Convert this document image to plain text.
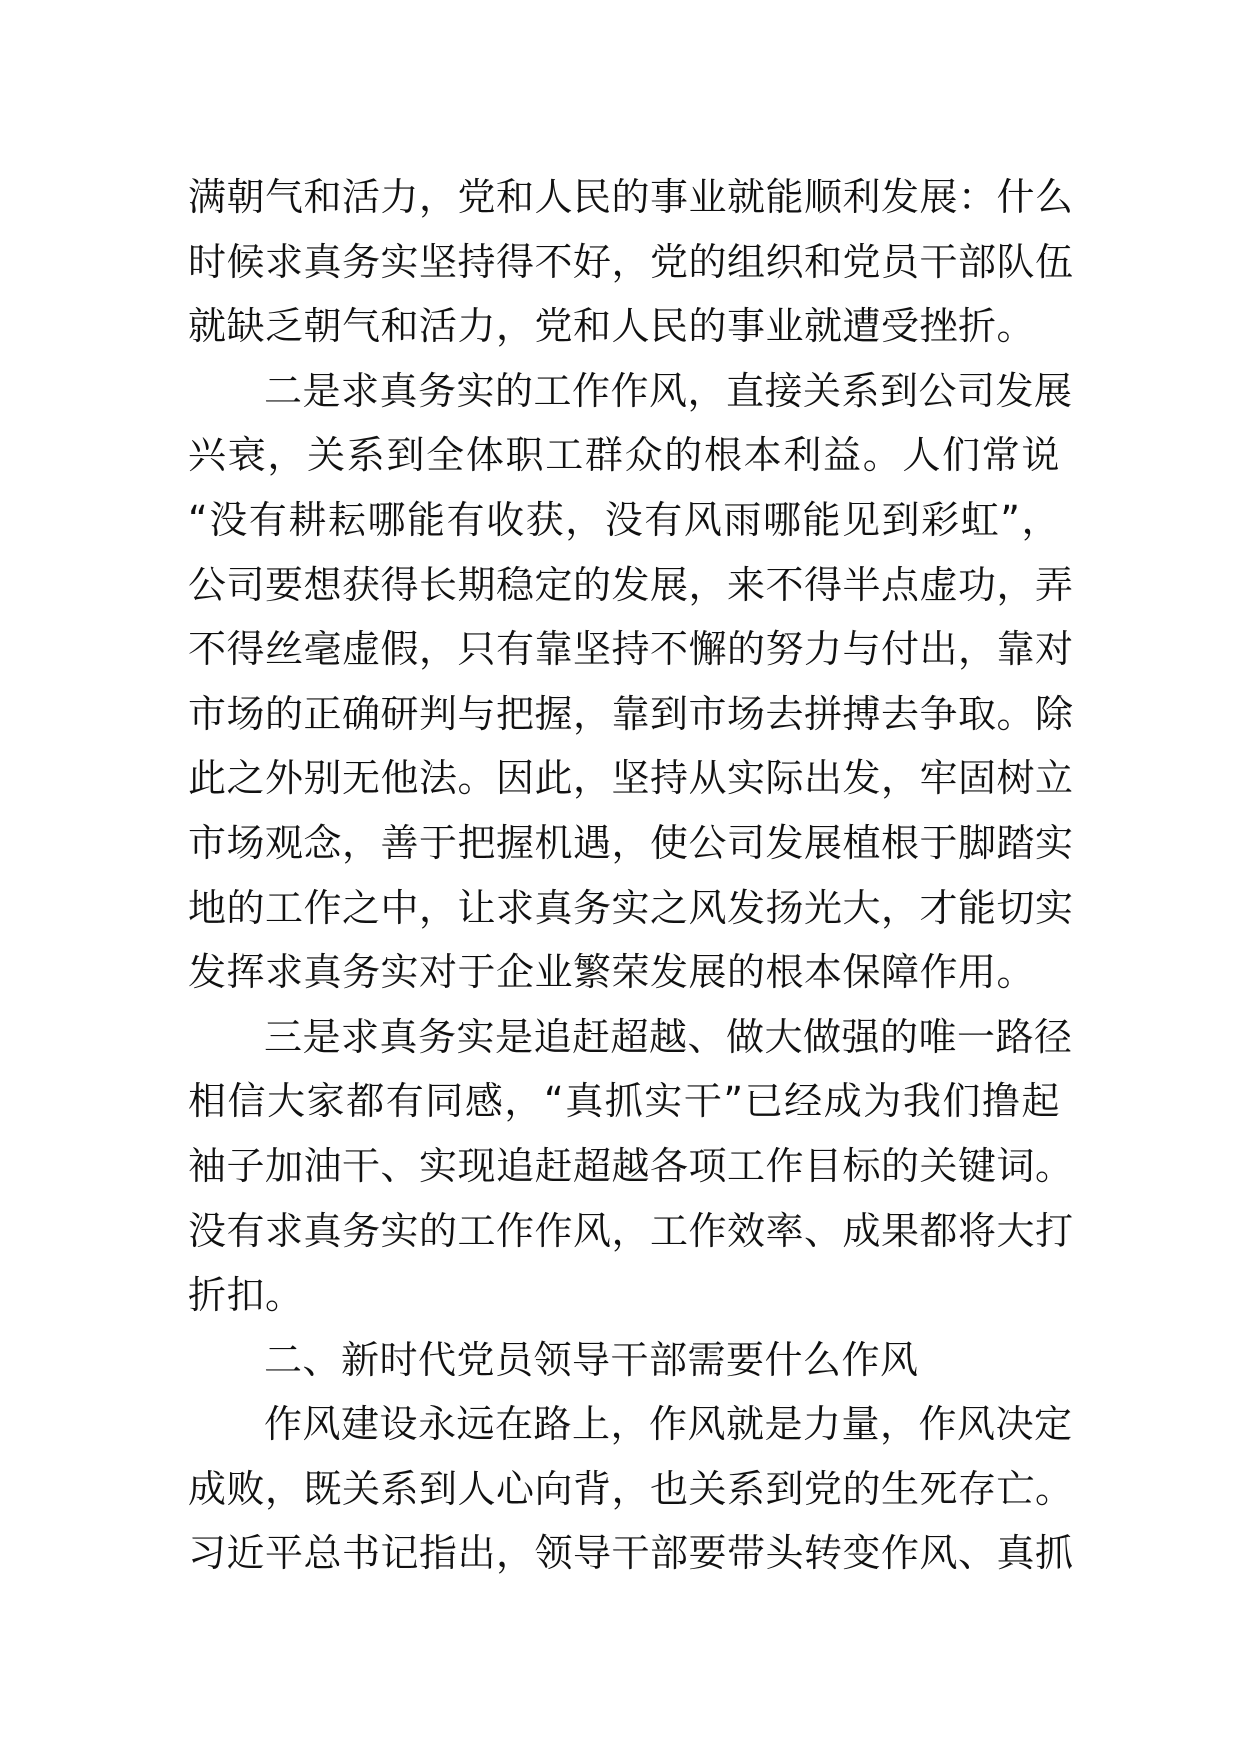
满朝气和活力，党和人民的事业就能顺利发展：什么
时候求真务实坚持得不好，党的组织和党员干部队伍
就缺乏朝气和活力，党和人民的事业就遭受挫折。
二是求真务实的工作作风，直接关系到公司发展
兴衰，关系到全体职工群众的根本利益。人们常说
“没有耕耘哪能有收获，没有风雨哪能见到彩虹”，
公司要想获得长期稳定的发展，来不得半点虚功，弄
不得丝毫虚假，只有靠坚持不懈的努力与付出，靠对
市场的正确研判与把握，靠到市场去拼搏去争取。除
此之外别无他法。因此，坚持从实际出发，牢固树立
市场观念，善于把握机遇，使公司发展植根于脚踏实
地的工作之中，让求真务实之风发扬光大，才能切实
发挥求真务实对于企业繁荣发展的根本保障作用。
三是求真务实是追赶超越、做大做强的唯一路径
相信大家都有同感，“真抓实干”已经成为我们撸起
袖子加油干、实现追赶超越各项工作目标的关键词。
没有求真务实的工作作风，工作效率、成果都将大打
折扣。
二、新时代党员领导干部需要什么作风
作风建设永远在路上，作风就是力量，作风决定
成败，既关系到人心向背，也关系到党的生死存亡。
习近平总书记指出，领导干部要带头转变作风、真抓
